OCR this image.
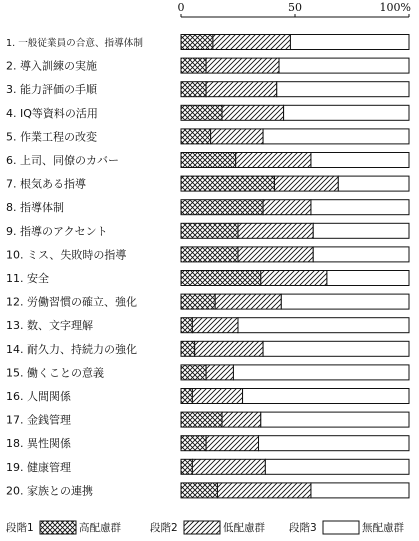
0	50	100%
1. 一般従業員の合意、指導体制
2. 導入訓練の実施
3. 能力評価の手順
4. IQ等資料の活用
5. 作業工程の改変
6. 上司、同僚のカバー
7. 根気ある指導
8. 指導体制
9. 指導のアクセント
10. ミス、失敗時の指導
11. 安全
12. 労働習慣の確立、強化
13. 数、文字理解
14. 耐久力、持続力の強化
15. 働くことの意義
16. 人間関係
17. 金銭管理
18. 異性関係
19. 健康管理
20. 家族との連携
段階1	高配慮群	段階2	低配慮群 段階3	無配慮群
